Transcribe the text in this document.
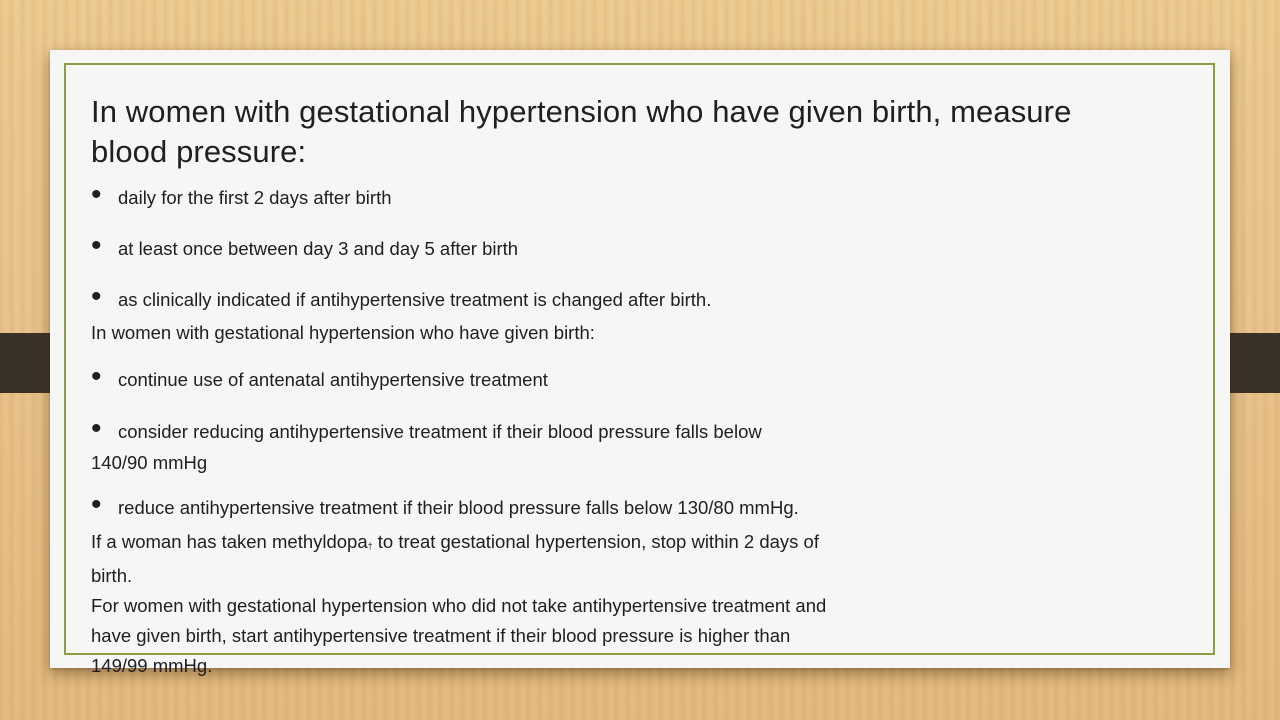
In women with gestational hypertension who have given birth, measure blood pressure:
• daily for the first 2 days after birth
• at least once between day 3 and day 5 after birth
• as clinically indicated if antihypertensive treatment is changed after birth.
In women with gestational hypertension who have given birth:
• continue use of antenatal antihypertensive treatment
• consider reducing antihypertensive treatment if their blood pressure falls below
140/90 mmHg
• reduce antihypertensive treatment if their blood pressure falls below 130/80 mmHg.
If a woman has taken methyldopa$_\dagger$ to treat gestational hypertension, stop within 2 days of
birth.
For women with gestational hypertension who did not take antihypertensive treatment and
have given birth, start antihypertensive treatment if their blood pressure is higher than
149/99 mmHg.
